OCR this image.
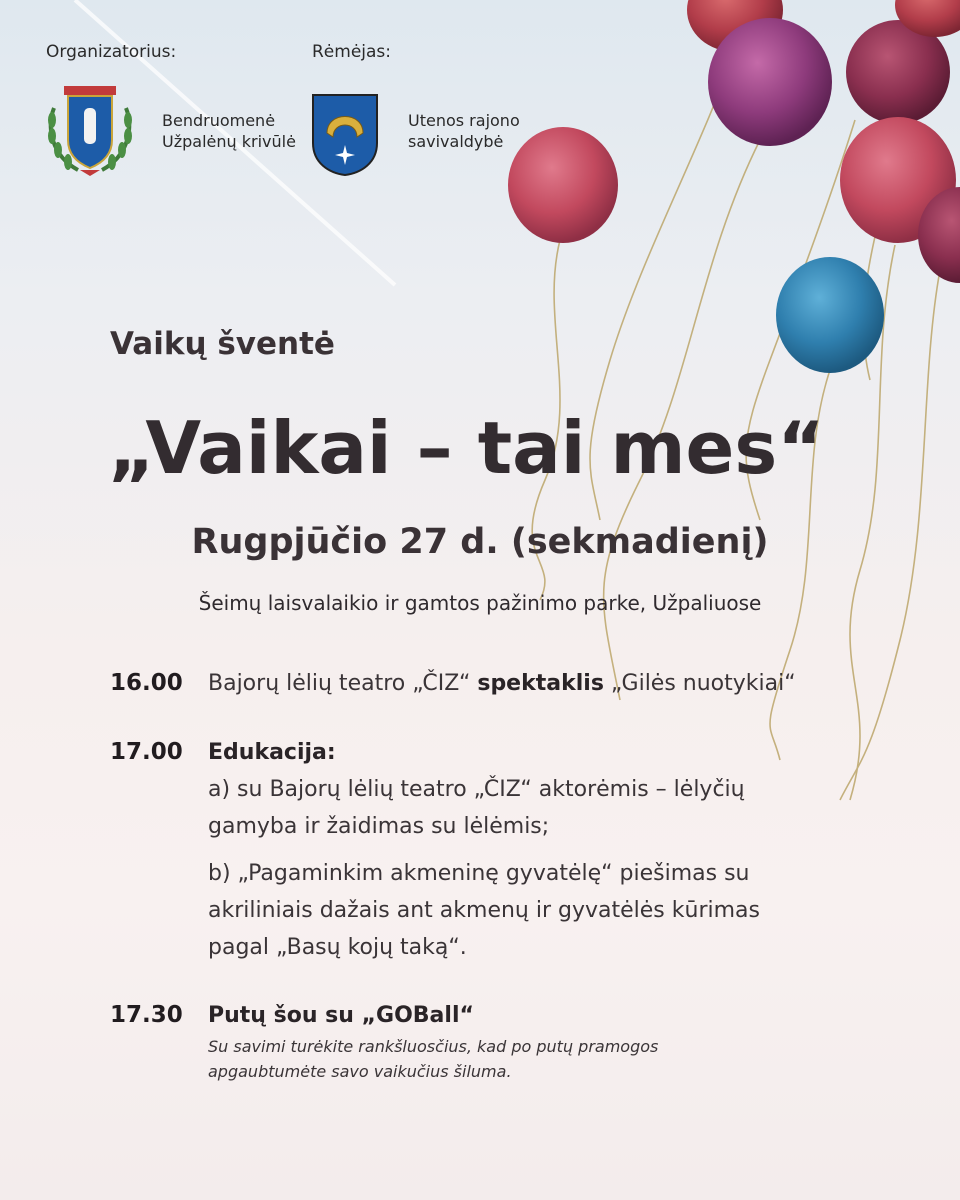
Organizatorius:
Bendruomenė
Užpalėnų krivūlė
Rėmėjas:
Utenos rajono
savivaldybė
Vaikų šventė
„Vaikai – tai mes“
Rugpjūčio 27 d. (sekmadienį)
Šeimų laisvalaikio ir gamtos pažinimo parke, Užpaliuose
16.00 Bajorų lėlių teatro „ČIZ“ spektaklis „Gilės nuotykiai“
17.00 Edukacija:
a) su Bajorų lėlių teatro „ČIZ“ aktorėmis – lėlyčių
gamyba ir žaidimas su lėlėmis;
b) „Pagaminkim akmeninę gyvatėlę“ piešimas su
akriliniais dažais ant akmenų ir gyvatėlės kūrimas
pagal „Basų kojų taką“.
17.30 Putų šou su „GOBall“
Su savimi turėkite rankšluosčius, kad po putų pramogos
apgaubtumėte savo vaikučius šiluma.
